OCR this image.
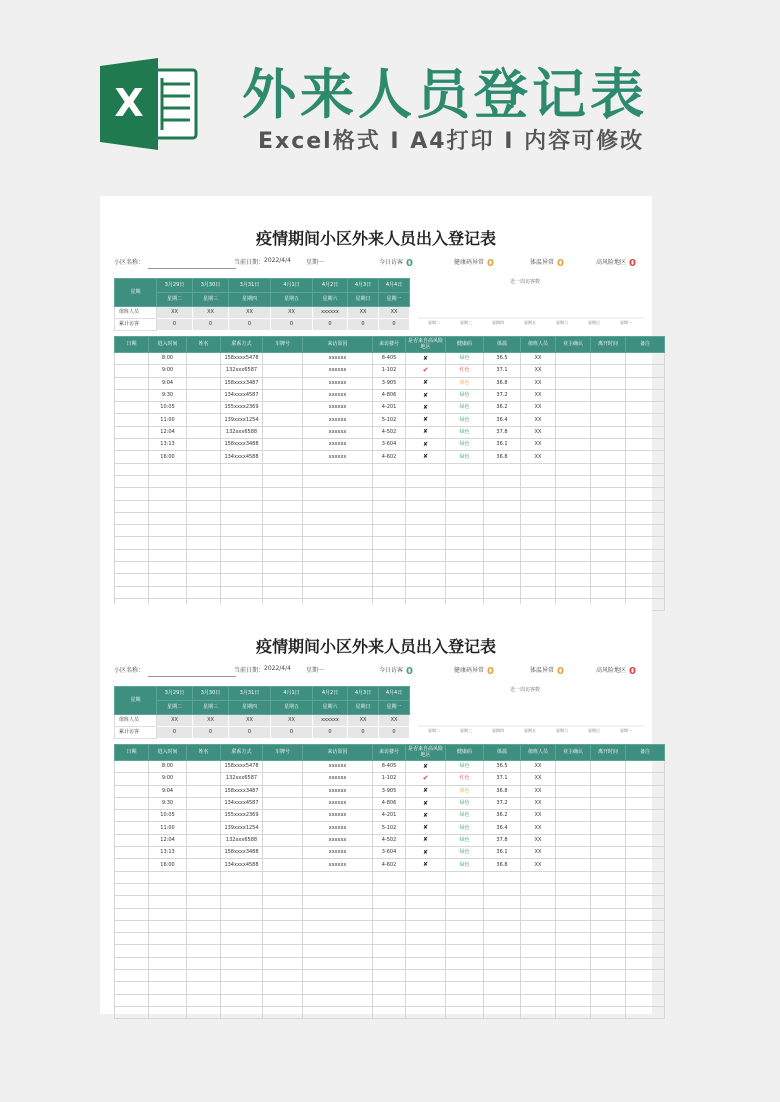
X 外来人员登记表
Excel格式 I A4打印 I 内容可修改
疫情期间小区外来人员出入登记表
小区名称：	当前日期： 2022/4/4	星期一	今日访客 0	健康码异常 0	体温异常 0	高风险地区 0
近一周访客数
星期二	星期三	星期四	星期五	星期六	星期日	星期一
星期	3月29日	3月30日	3月31日	4月1日	4月2日	4月3日	4月4日
	星期二	星期三	星期四	星期五	星期六	星期日	星期一
值班人员	XX	XX	XX	XX	xxxxxx	XX	XX
累计访客	0	0	0	0	0	0	0
日期	进入时间	姓名	联系方式	车牌号	来访原因	来访楼号	是否来自高风险地区	健康码	体温	值班人员	业主确认	离开时间	备注
	8:00		158xxxx5478		xxxxxx	8-405	✘	绿色	36.5	XX			
	9:00		132xxx6587		xxxxxx	1-102	✔	红色	37.1	XX			
	9:04		158xxxx3487		xxxxxx	3-905	✘	黄色	36.8	XX			
	9:30		134xxxx4587		xxxxxx	4-806	✘	绿色	37.2	XX			
	10:05		155xxxx2369		xxxxxx	4-201	✘	绿色	36.2	XX			
	11:00		139xxxx1254		xxxxxx	5-102	✘	绿色	36.4	XX			
	12:04		132xxx6588		xxxxxx	4-502	✘	绿色	37.8	XX			
	13:13		158xxxx3488		xxxxxx	3-604	✘	绿色	36.1	XX			
	16:00		134xxxx4588		xxxxxx	4-602	✘	绿色	36.8	XX			

疫情期间小区外来人员出入登记表
小区名称：	当前日期： 2022/4/4	星期一	今日访客 0	健康码异常 0	体温异常 0	高风险地区 0
近一周访客数
星期二	星期三	星期四	星期五	星期六	星期日	星期一
星期	3月29日	3月30日	3月31日	4月1日	4月2日	4月3日	4月4日
	星期二	星期三	星期四	星期五	星期六	星期日	星期一
值班人员	XX	XX	XX	XX	xxxxxx	XX	XX
累计访客	0	0	0	0	0	0	0
日期	进入时间	姓名	联系方式	车牌号	来访原因	来访楼号	是否来自高风险地区	健康码	体温	值班人员	业主确认	离开时间	备注
	8:00		158xxxx5478		xxxxxx	8-405	✘	绿色	36.5	XX			
	9:00		132xxx6587		xxxxxx	1-102	✔	红色	37.1	XX			
	9:04		158xxxx3487		xxxxxx	3-905	✘	黄色	36.8	XX			
	9:30		134xxxx4587		xxxxxx	4-806	✘	绿色	37.2	XX			
	10:05		155xxxx2369		xxxxxx	4-201	✘	绿色	36.2	XX			
	11:00		139xxxx1254		xxxxxx	5-102	✘	绿色	36.4	XX			
	12:04		132xxx6588		xxxxxx	4-502	✘	绿色	37.8	XX			
	13:13		158xxxx3488		xxxxxx	3-604	✘	绿色	36.1	XX			
	16:00		134xxxx4588		xxxxxx	4-602	✘	绿色	36.8	XX			
